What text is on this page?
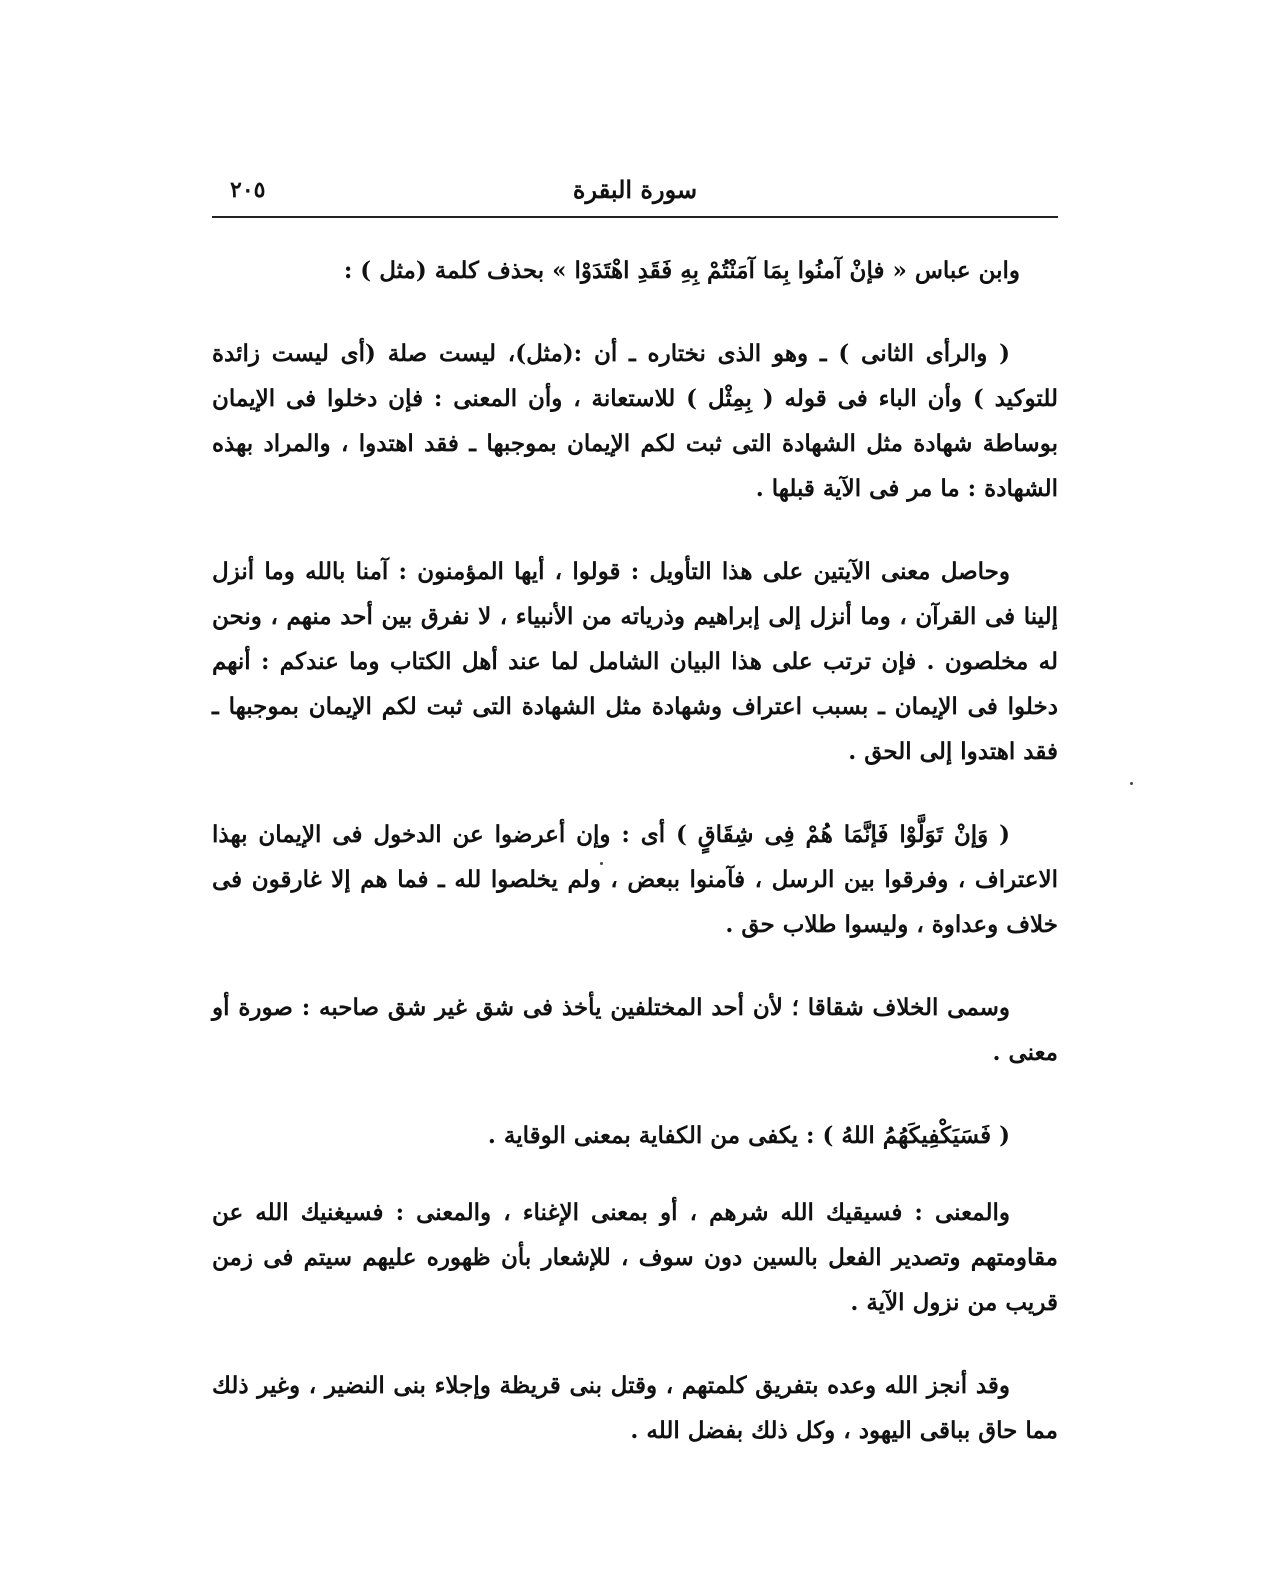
سورة البقرة
٢٠٥

وابن عباس « فإنْ آمنُوا بِمَا آمَنْتُمْ بِهِ فَقَدِ اهْتَدَوْا » بحذف كلمة (مثل ) :

( والرأى الثانى ) ـ وهو الذى نختاره ـ أن :(مثل)، ليست صلة (أى ليست زائدة للتوكيد ) وأن الباء فى قوله ( بِمِثْل ) للاستعانة ، وأن المعنى : فإن دخلوا فى الإيمان بوساطة شهادة مثل الشهادة التى ثبت لكم الإيمان بموجبها ـ فقد اهتدوا ، والمراد بهذه الشهادة : ما مر فى الآية قبلها .

وحاصل معنى الآيتين على هذا التأويل : قولوا ، أيها المؤمنون : آمنا بالله وما أنزل إلينا فى القرآن ، وما أنزل إلى إبراهيم وذرياته من الأنبياء ، لا نفرق بين أحد منهم ، ونحن له مخلصون . فإن ترتب على هذا البيان الشامل لما عند أهل الكتاب وما عندكم : أنهم دخلوا فى الإيمان ـ بسبب اعتراف وشهادة مثل الشهادة التى ثبت لكم الإيمان بموجبها ـ فقد اهتدوا إلى الحق .

( وَإنْ تَوَلَّوْا فَإنَّمَا هُمْ فِى شِقَاقٍ ) أى : وإن أعرضوا عن الدخول فى الإيمان بهذا الاعتراف ، وفرقوا بين الرسل ، فآمنوا ببعض ، ولم يخلصوا لله ـ فما هم إلا غارقون فى خلاف وعداوة ، وليسوا طلاب حق .

وسمى الخلاف شقاقا ؛ لأن أحد المختلفين يأخذ فى شق غير شق صاحبه : صورة أو معنى .

( فَسَيَكْفِيكَهُمُ اللهُ ) : يكفى من الكفاية بمعنى الوقاية .

والمعنى : فسيقيك الله شرهم ، أو بمعنى الإغناء ، والمعنى : فسيغنيك الله عن مقاومتهم وتصدير الفعل بالسين دون سوف ، للإشعار بأن ظهوره عليهم سيتم فى زمن قريب من نزول الآية .

وقد أنجز الله وعده بتفريق كلمتهم ، وقتل بنى قريظة وإجلاء بنى النضير ، وغير ذلك مما حاق بباقى اليهود ، وكل ذلك بفضل الله .
